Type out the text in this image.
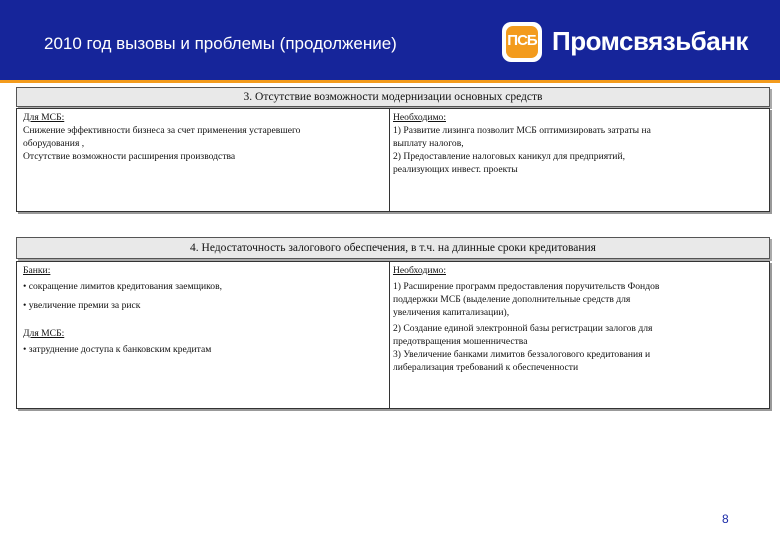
2010 год вызовы и проблемы (продолжение)	ПСБ Промсвязьбанк
3. Отсутствие возможности модернизации основных средств
Для МСБ:
Снижение эффективности бизнеса за счет применения устаревшего
оборудования ,
Отсутствие возможности расширения производства
Необходимо:
1) Развитие лизинга позволит МСБ оптимизировать затраты на
выплату налогов,
2) Предоставление налоговых каникул для предприятий,
реализующих инвест. проекты
4. Недостаточность залогового обеспечения, в т.ч. на длинные сроки кредитования
Банки:
• сокращение лимитов кредитования заемщиков,
• увеличение премии за риск
Для МСБ:
• затруднение доступа к банковским кредитам
Необходимо:
1) Расширение программ предоставления поручительств Фондов
поддержки МСБ (выделение дополнительные средств для
увеличения капитализации),
2) Создание единой электронной базы регистрации залогов для
предотвращения мошенничества
3) Увеличение банками лимитов беззалогового кредитования и
либерализация требований к обеспеченности
8
